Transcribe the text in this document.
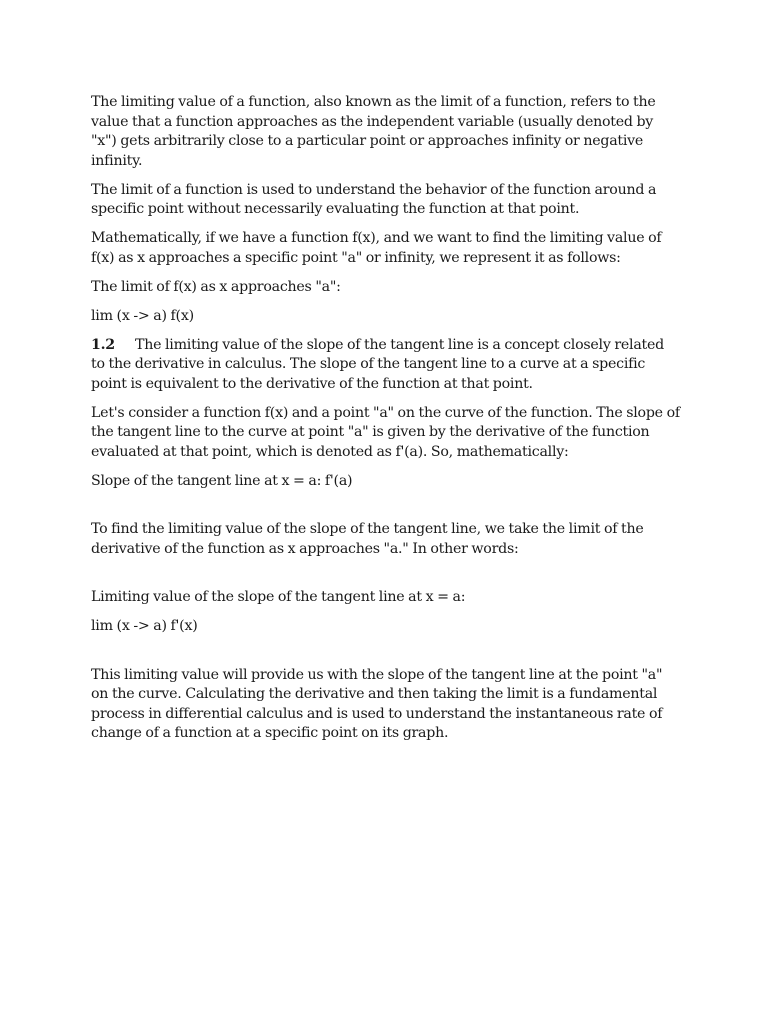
The limiting value of a function, also known as the limit of a function, refers to the value that a function approaches as the independent variable (usually denoted by "x") gets arbitrarily close to a particular point or approaches infinity or negative infinity.

The limit of a function is used to understand the behavior of the function around a specific point without necessarily evaluating the function at that point.

Mathematically, if we have a function f(x), and we want to find the limiting value of f(x) as x approaches a specific point "a" or infinity, we represent it as follows:

The limit of f(x) as x approaches "a":

lim (x -> a) f(x)

1.2 The limiting value of the slope of the tangent line is a concept closely related to the derivative in calculus. The slope of the tangent line to a curve at a specific point is equivalent to the derivative of the function at that point.

Let's consider a function f(x) and a point "a" on the curve of the function. The slope of the tangent line to the curve at point "a" is given by the derivative of the function evaluated at that point, which is denoted as f'(a). So, mathematically:

Slope of the tangent line at x = a: f'(a)

To find the limiting value of the slope of the tangent line, we take the limit of the derivative of the function as x approaches "a." In other words:

Limiting value of the slope of the tangent line at x = a:

lim (x -> a) f'(x)

This limiting value will provide us with the slope of the tangent line at the point "a" on the curve. Calculating the derivative and then taking the limit is a fundamental process in differential calculus and is used to understand the instantaneous rate of change of a function at a specific point on its graph.
